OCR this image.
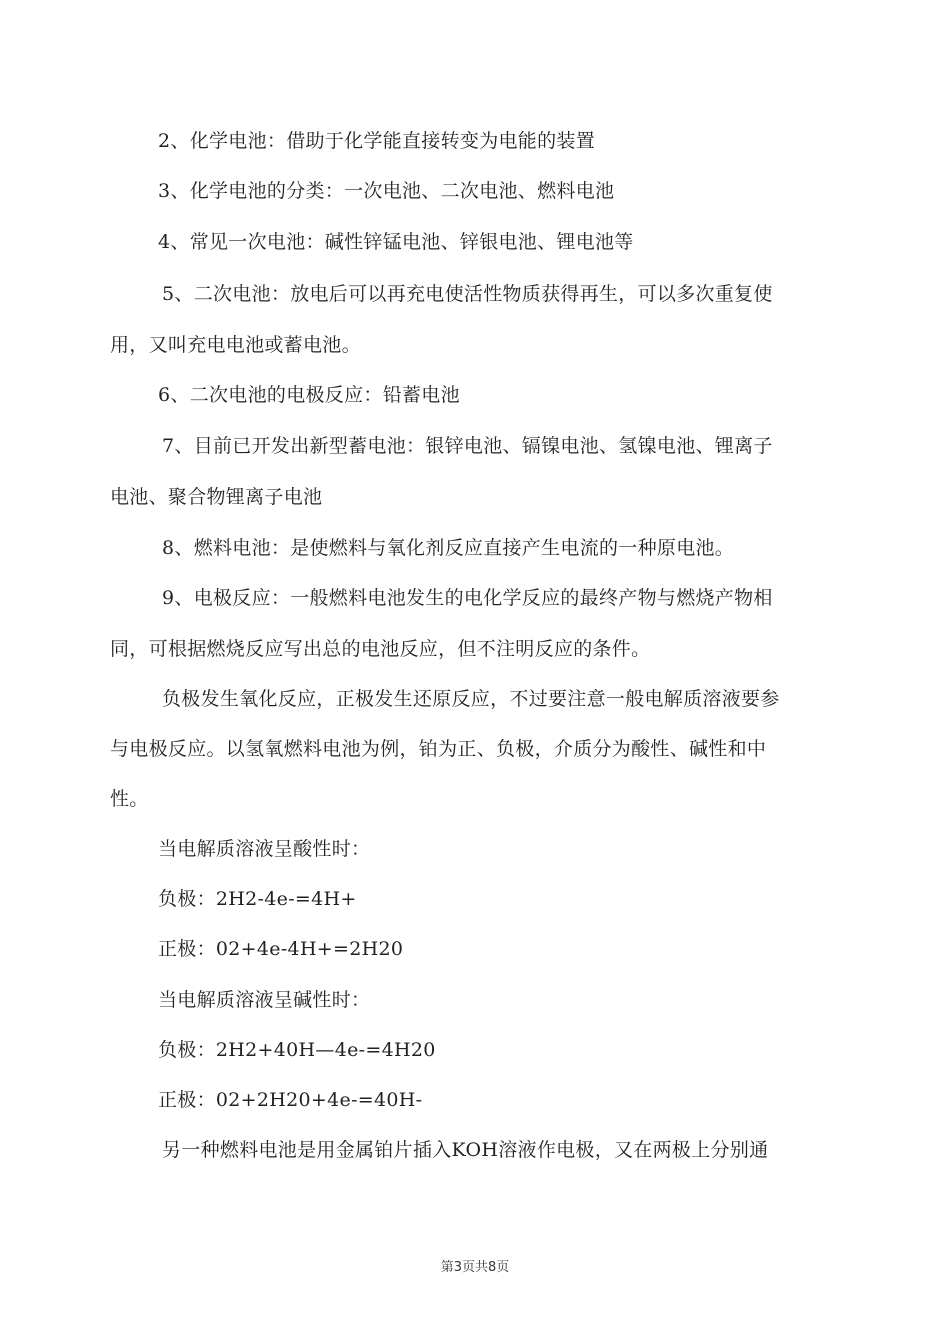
2、化学电池：借助于化学能直接转变为电能的装置
3、化学电池的分类：一次电池、二次电池、燃料电池
4、常见一次电池：碱性锌锰电池、锌银电池、锂电池等
5、二次电池：放电后可以再充电使活性物质获得再生，可以多次重复使
用，又叫充电电池或蓄电池。
6、二次电池的电极反应：铅蓄电池
7、目前已开发出新型蓄电池：银锌电池、镉镍电池、氢镍电池、锂离子
电池、聚合物锂离子电池
8、燃料电池：是使燃料与氧化剂反应直接产生电流的一种原电池。
9、电极反应：一般燃料电池发生的电化学反应的最终产物与燃烧产物相
同，可根据燃烧反应写出总的电池反应，但不注明反应的条件。
负极发生氧化反应，正极发生还原反应，不过要注意一般电解质溶液要参
与电极反应。以氢氧燃料电池为例，铂为正、负极，介质分为酸性、碱性和中
性。
当电解质溶液呈酸性时：
负极：2H2-4e-=4H+
正极：02+4e-4H+=2H20
当电解质溶液呈碱性时：
负极：2H2+40H—4e-=4H20
正极：02+2H20+4e-=40H-
另一种燃料电池是用金属铂片插入KOH溶液作电极，又在两极上分别通
第3页共8页
